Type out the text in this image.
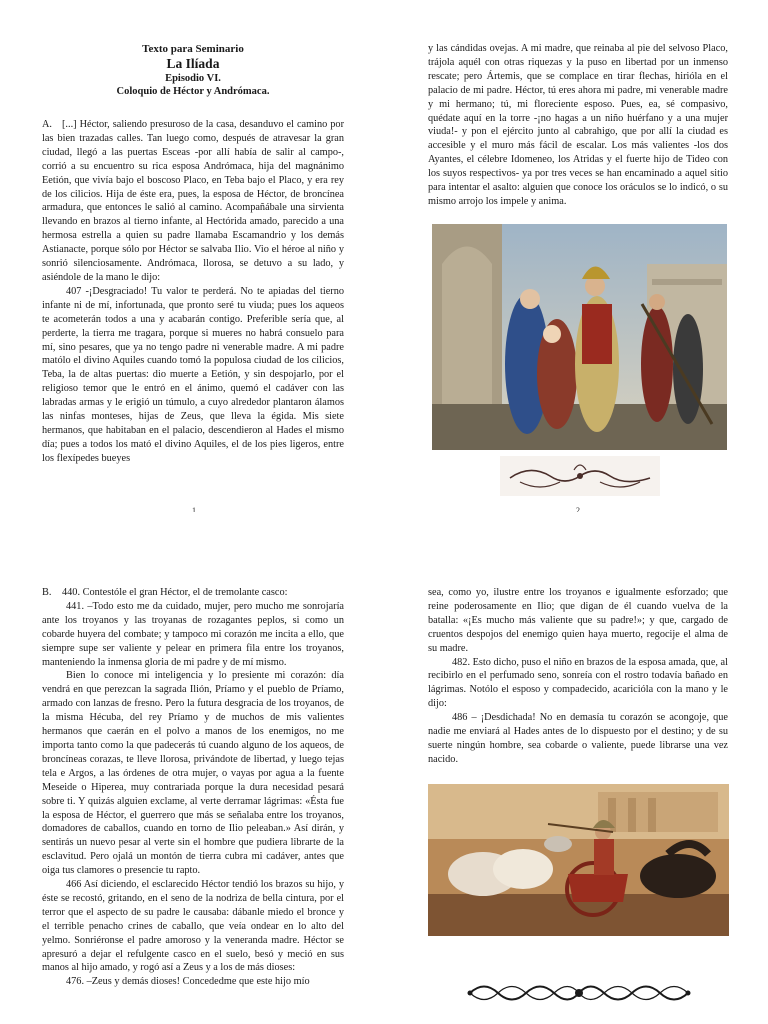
Texto para Seminario

La Ilíada

Episodio VI.

Coloquio de Héctor y Andrómaca.

A. [...] Héctor, saliendo presuroso de la casa, desanduvo el camino por las bien trazadas calles. Tan luego como, después de atravesar la gran ciudad, llegó a las puertas Esceas -por allí había de salir al campo-, corrió a su encuentro su rica esposa Andrómaca, hija del magnánimo Eetión, que vivía bajo el boscoso Placo, en Teba bajo el Placo, y era rey de los cilicios. Hija de éste era, pues, la esposa de Héctor, de broncínea armadura, que entonces le salió al camino. Acompañábale una sirvienta llevando en brazos al tierno infante, al Hectórida amado, parecido a una hermosa estrella a quien su padre llamaba Escamandrio y los demás Astianacte, porque sólo por Héctor se salvaba Ilio. Vio el héroe al niño y sonrió silenciosamente. Andrómaca, llorosa, se detuvo a su lado, y asiéndole de la mano le dijo:

407 -¡Desgraciado! Tu valor te perderá. No te apiadas del tierno infante ni de mí, infortunada, que pronto seré tu viuda; pues los aqueos te acometerán todos a una y acabarán contigo. Preferible sería que, al perderte, la tierra me tragara, porque si mueres no habrá consuelo para mí, sino pesares, que ya no tengo padre ni venerable madre. A mi padre matólo el divino Aquiles cuando tomó la populosa ciudad de los cilicios, Teba, la de altas puertas: dio muerte a Eetión, y sin despojarlo, por el religioso temor que le entró en el ánimo, quemó el cadáver con las labradas armas y le erigió un túmulo, a cuyo alrededor plantaron álamos las ninfas monteses, hijas de Zeus, que lleva la égida. Mis siete hermanos, que habitaban en el palacio, descendieron al Hades el mismo día; pues a todos los mató el divino Aquiles, el de los pies ligeros, entre los flexípedes bueyes

1

y las cándidas ovejas. A mi madre, que reinaba al pie del selvoso Placo, trájola aquél con otras riquezas y la puso en libertad por un inmenso rescate; pero Ártemis, que se complace en tirar flechas, hirióla en el palacio de mi padre. Héctor, tú eres ahora mi padre, mi venerable madre y mi hermano; tú, mi floreciente esposo. Pues, ea, sé compasivo, quédate aquí en la torre -¡no hagas a un niño huérfano y a una mujer viuda!- y pon el ejército junto al cabrahigo, que por allí la ciudad es accesible y el muro más fácil de escalar. Los más valientes -los dos Ayantes, el célebre Idomeneo, los Atridas y el fuerte hijo de Tideo con los suyos respectivos- ya por tres veces se han encaminado a aquel sitio para intentar el asalto: alguien que conoce los oráculos se lo indicó, o su mismo arrojo los impele y anima.

2

B. 440. Contestóle el gran Héctor, el de tremolante casco:

441. –Todo esto me da cuidado, mujer, pero mucho me sonrojaría ante los troyanos y las troyanas de rozagantes peplos, si como un cobarde huyera del combate; y tampoco mi corazón me incita a ello, que siempre supe ser valiente y pelear en primera fila entre los troyanos, manteniendo la inmensa gloria de mi padre y de mí mismo.

Bien lo conoce mi inteligencia y lo presiente mi corazón: día vendrá en que perezcan la sagrada Ilión, Príamo y el pueblo de Príamo, armado con lanzas de fresno. Pero la futura desgracia de los troyanos, de la misma Hécuba, del rey Príamo y de muchos de mis valientes hermanos que caerán en el polvo a manos de los enemigos, no me importa tanto como la que padecerás tú cuando alguno de los aqueos, de broncíneas corazas, te lleve llorosa, privándote de libertad, y luego tejas tela e Argos, a las órdenes de otra mujer, o vayas por agua a la fuente Meseide o Hiperea, muy contrariada porque la dura necesidad pesará sobre ti. Y quizás alguien exclame, al verte derramar lágrimas: «Ésta fue la esposa de Héctor, el guerrero que más se señalaba entre los troyanos, domadores de caballos, cuando en torno de Ilio peleaban.» Así dirán, y sentirás un nuevo pesar al verte sin el hombre que pudiera librarte de la esclavitud. Pero ojalá un montón de tierra cubra mi cadáver, antes que oiga tus clamores o presencie tu rapto.

466 Así diciendo, el esclarecido Héctor tendió los brazos su hijo, y éste se recostó, gritando, en el seno de la nodriza de bella cintura, por el terror que el aspecto de su padre le causaba: dábanle miedo el bronce y el terrible penacho crines de caballo, que veía ondear en lo alto del yelmo. Sonriéronse el padre amoroso y la veneranda madre. Héctor se apresuró a dejar el refulgente casco en el suelo, besó y meció en sus manos al hijo amado, y rogó así a Zeus y a los de más dioses:

476. –Zeus y demás dioses! Concededme que este hijo mío

sea, como yo, ilustre entre los troyanos e igualmente esforzado; que reine poderosamente en Ilio; que digan de él cuando vuelva de la batalla: «¡Es mucho más valiente que su padre!»; y que, cargado de cruentos despojos del enemigo quien haya muerto, regocije el alma de su madre.

482. Esto dicho, puso el niño en brazos de la esposa amada, que, al recibirlo en el perfumado seno, sonreía con el rostro todavía bañado en lágrimas. Notólo el esposo y compadecido, acaricióla con la mano y le dijo:

486 – ¡Desdichada! No en demasía tu corazón se acongoje, que nadie me enviará al Hades antes de lo dispuesto por el destino; y de su suerte ningún hombre, sea cobarde o valiente, puede librarse una vez nacido.
